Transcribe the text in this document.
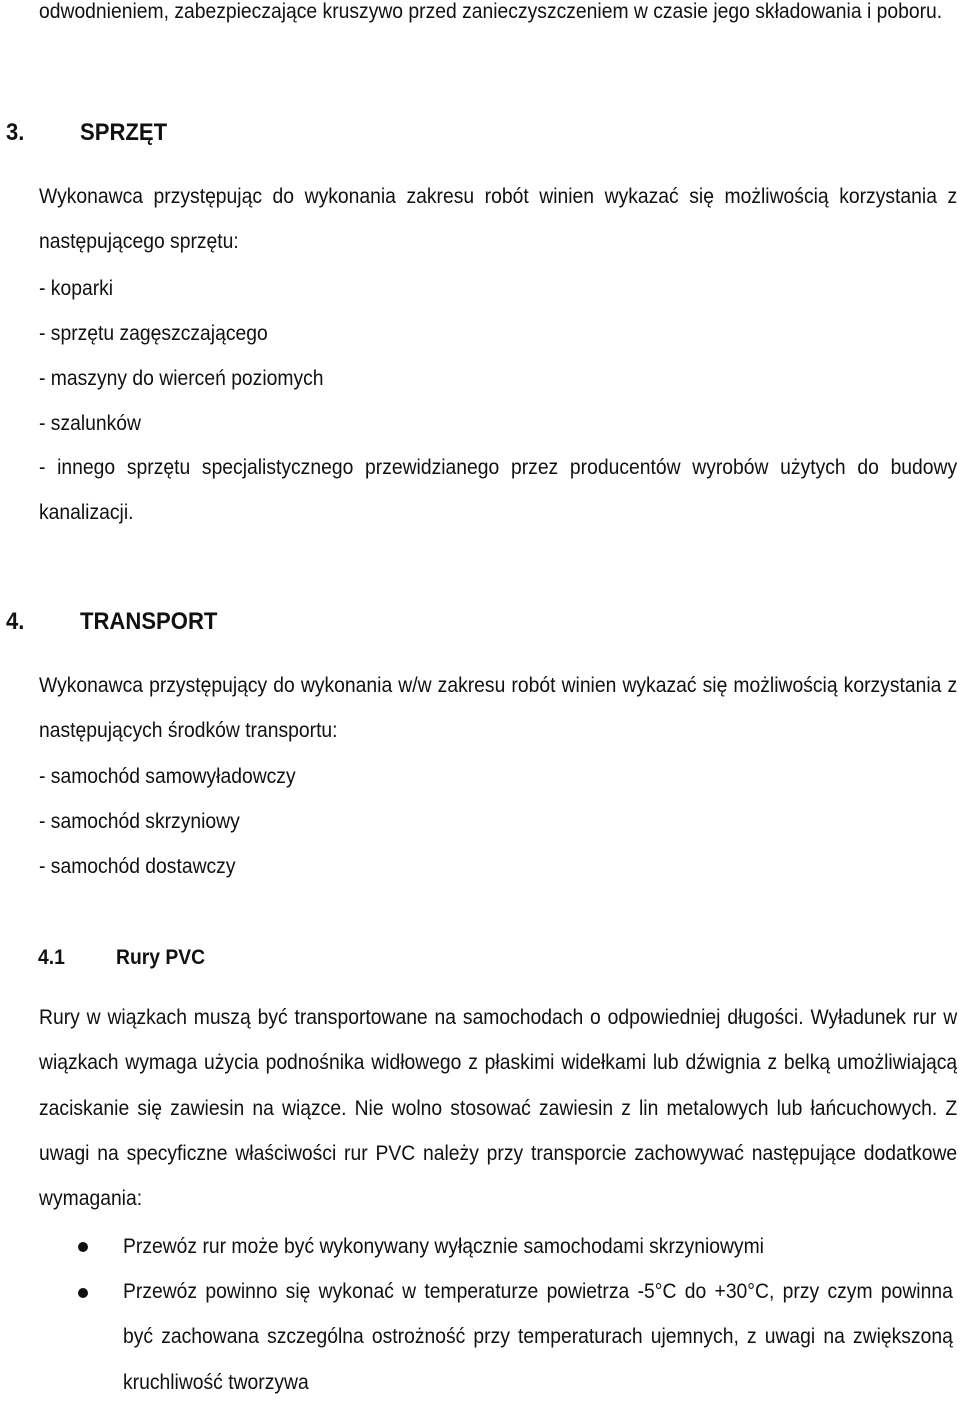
odwodnieniem, zabezpieczające kruszywo przed zanieczyszczeniem w czasie jego składowania i poboru.

3. SPRZĘT

Wykonawca przystępując do wykonania zakresu robót winien wykazać się możliwością korzystania z następującego sprzętu:

- koparki
- sprzętu zagęszczającego
- maszyny do wierceń poziomych
- szalunków

- innego sprzętu specjalistycznego przewidzianego przez producentów wyrobów użytych do budowy kanalizacji.

4. TRANSPORT

Wykonawca przystępujący do wykonania w/w zakresu robót winien wykazać się możliwością korzystania z następujących środków transportu:

- samochód samowyładowczy
- samochód skrzyniowy
- samochód dostawczy
4.1 Rury PVC

Rury w wiązkach muszą być transportowane na samochodach o odpowiedniej długości. Wyładunek rur w wiązkach wymaga użycia podnośnika widłowego z płaskimi widełkami lub dźwignia z belką umożliwiającą zaciskanie się zawiesin na wiązce. Nie wolno stosować zawiesin z lin metalowych lub łańcuchowych. Z uwagi na specyficzne właściwości rur PVC należy przy transporcie zachowywać następujące dodatkowe wymagania:

Przewóz rur może być wykonywany wyłącznie samochodami skrzyniowymi

Przewóz powinno się wykonać w temperaturze powietrza -5°C do +30°C, przy czym powinna być zachowana szczególna ostrożność przy temperaturach ujemnych, z uwagi na zwiększoną kruchliwość tworzywa
